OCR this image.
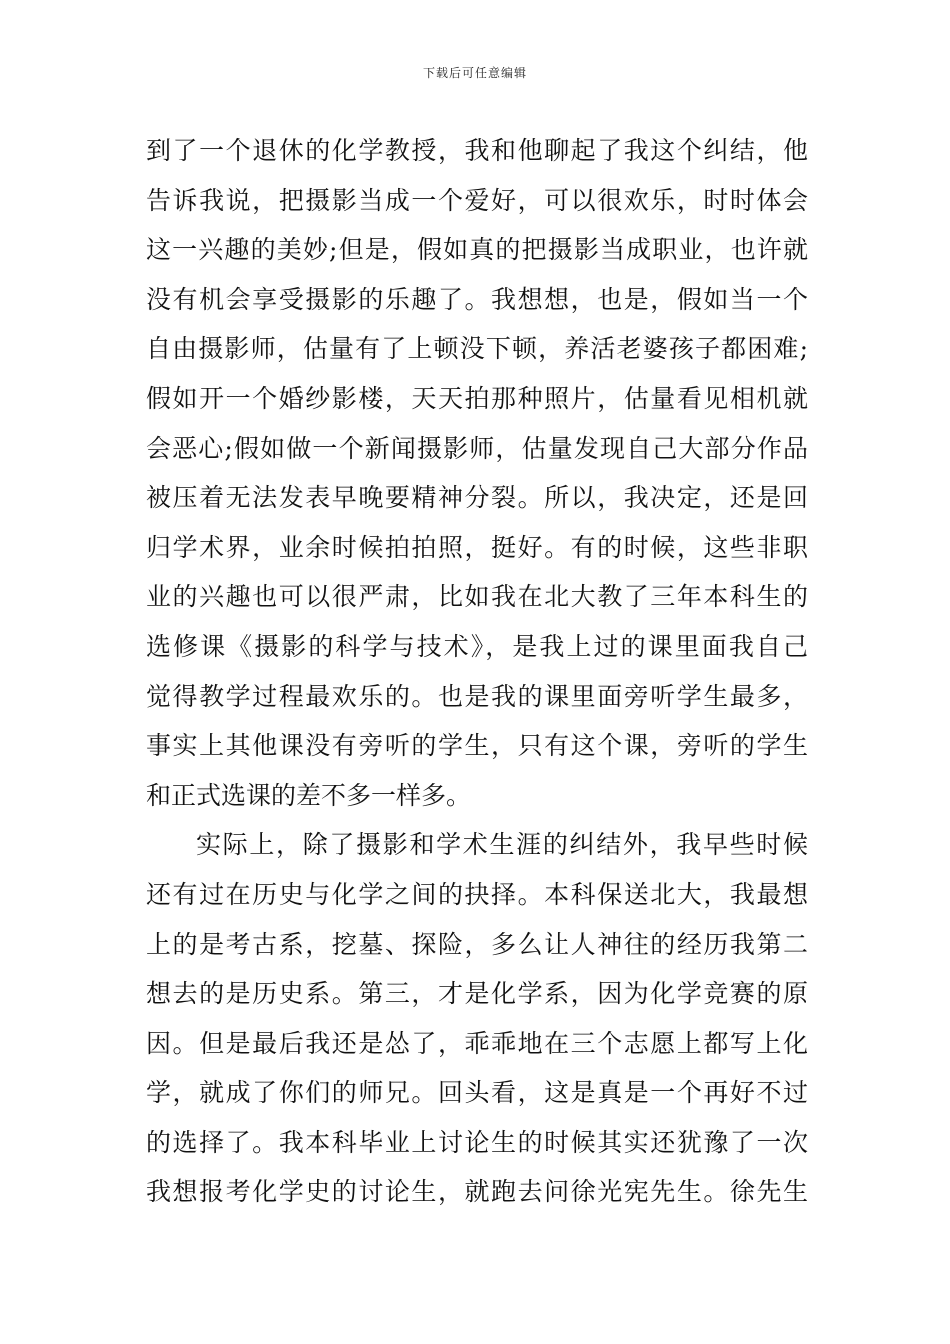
下载后可任意编辑
到了一个退休的化学教授，我和他聊起了我这个纠结，他
告诉我说，把摄影当成一个爱好，可以很欢乐，时时体会
这一兴趣的美妙;但是，假如真的把摄影当成职业，也许就
没有机会享受摄影的乐趣了。我想想，也是，假如当一个
自由摄影师，估量有了上顿没下顿，养活老婆孩子都困难;
假如开一个婚纱影楼，天天拍那种照片，估量看见相机就
会恶心;假如做一个新闻摄影师，估量发现自己大部分作品
被压着无法发表早晚要精神分裂。所以，我决定，还是回
归学术界，业余时候拍拍照，挺好。有的时候，这些非职
业的兴趣也可以很严肃，比如我在北大教了三年本科生的
选修课《摄影的科学与技术》，是我上过的课里面我自己
觉得教学过程最欢乐的。也是我的课里面旁听学生最多，
事实上其他课没有旁听的学生，只有这个课，旁听的学生
和正式选课的差不多一样多。
实际上，除了摄影和学术生涯的纠结外，我早些时候
还有过在历史与化学之间的抉择。本科保送北大，我最想
上的是考古系，挖墓、探险，多么让人神往的经历我第二
想去的是历史系。第三，才是化学系，因为化学竞赛的原
因。但是最后我还是怂了，乖乖地在三个志愿上都写上化
学，就成了你们的师兄。回头看，这是真是一个再好不过
的选择了。我本科毕业上讨论生的时候其实还犹豫了一次
我想报考化学史的讨论生，就跑去问徐光宪先生。徐先生
